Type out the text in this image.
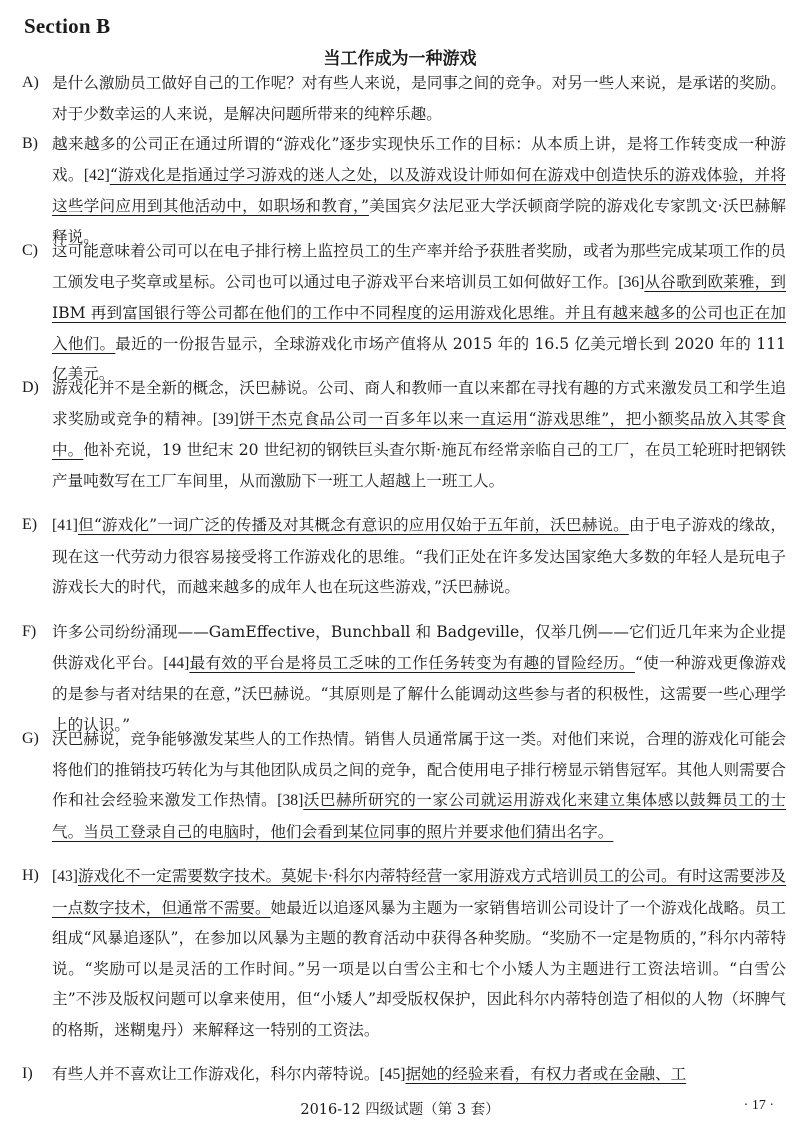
Section B
当工作成为一种游戏
A) 是什么激励员工做好自己的工作呢？对有些人来说，是同事之间的竞争。对另一些人来说，是承诺的奖励。对于少数幸运的人来说，是解决问题所带来的纯粹乐趣。
B) 越来越多的公司正在通过所谓的“游戏化”逐步实现快乐工作的目标：从本质上讲，是将工作转变成一种游戏。[42]“游戏化是指通过学习游戏的迷人之处，以及游戏设计师如何在游戏中创造快乐的游戏体验，并将这些学问应用到其他活动中，如职场和教育，”美国宾夕法尼亚大学沃顿商学院的游戏化专家凯文·沃巴赫解释说。
C) 这可能意味着公司可以在电子排行榜上监控员工的生产率并给予获胜者奖励，或者为那些完成某项工作的员工颁发电子奖章或星标。公司也可以通过电子游戏平台来培训员工如何做好工作。[36]从谷歌到欧莱雅，到 IBM 再到富国银行等公司都在他们的工作中不同程度的运用游戏化思维。并且有越来越多的公司也正在加入他们。最近的一份报告显示，全球游戏化市场产值将从 2015 年的 16.5 亿美元增长到 2020 年的 111 亿美元。
D) 游戏化并不是全新的概念，沃巴赫说。公司、商人和教师一直以来都在寻找有趣的方式来激发员工和学生追求奖励或竞争的精神。[39]饼干杰克食品公司一百多年以来一直运用“游戏思维”，把小额奖品放入其零食中。他补充说，19 世纪末 20 世纪初的钢铁巨头查尔斯·施瓦布经常亲临自己的工厂，在员工轮班时把钢铁产量吨数写在工厂车间里，从而激励下一班工人超越上一班工人。
E) [41]但“游戏化”一词广泛的传播及对其概念有意识的应用仅始于五年前，沃巴赫说。由于电子游戏的缘故，现在这一代劳动力很容易接受将工作游戏化的思维。“我们正处在许多发达国家绝大多数的年轻人是玩电子游戏长大的时代，而越来越多的成年人也在玩这些游戏，”沃巴赫说。
F) 许多公司纷纷涌现——GamEffective，Bunchball 和 Badgeville，仅举几例——它们近几年来为企业提供游戏化平台。[44]最有效的平台是将员工乏味的工作任务转变为有趣的冒险经历。“使一种游戏更像游戏的是参与者对结果的在意，”沃巴赫说。“其原则是了解什么能调动这些参与者的积极性，这需要一些心理学上的认识。”
G) 沃巴赫说，竞争能够激发某些人的工作热情。销售人员通常属于这一类。对他们来说，合理的游戏化可能会将他们的推销技巧转化为与其他团队成员之间的竞争，配合使用电子排行榜显示销售冠军。其他人则需要合作和社会经验来激发工作热情。[38]沃巴赫所研究的一家公司就运用游戏化来建立集体感以鼓舞员工的士气。当员工登录自己的电脑时，他们会看到某位同事的照片并要求他们猜出名字。
H) [43]游戏化不一定需要数字技术。莫妮卡·科尔内蒂特经营一家用游戏方式培训员工的公司。有时这需要涉及一点数字技术，但通常不需要。她最近以追逐风暴为主题为一家销售培训公司设计了一个游戏化战略。员工组成“风暴追逐队”，在参加以风暴为主题的教育活动中获得各种奖励。“奖励不一定是物质的，”科尔内蒂特说。“奖励可以是灵活的工作时间。”另一项是以白雪公主和七个小矮人为主题进行工资法培训。“白雪公主”不涉及版权问题可以拿来使用，但“小矮人”却受版权保护，因此科尔内蒂特创造了相似的人物（坏脾气的格斯，迷糊鬼丹）来解释这一特别的工资法。
I) 有些人并不喜欢让工作游戏化，科尔内蒂特说。[45]据她的经验来看，有权力者或在金融、工
2016-12 四级试题（第 3 套）	· 17 ·
